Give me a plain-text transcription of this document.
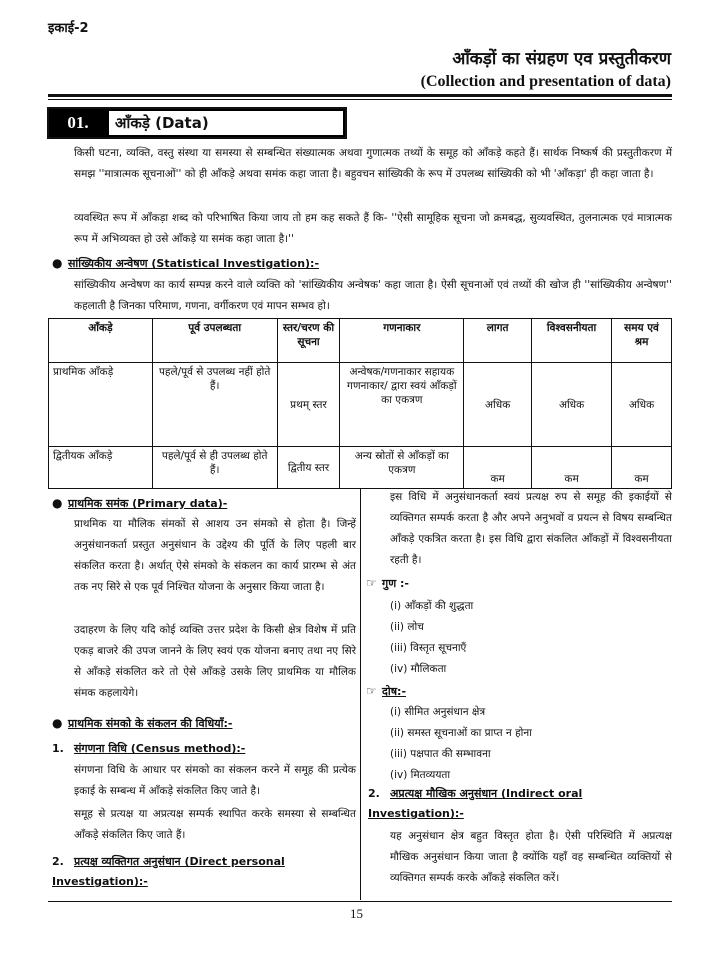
इकाई-2
आँकड़ों का संग्रहण एव प्रस्तुतीकरण
(Collection and presentation of data)
01.	आँकड़े (Data)

किसी घटना, व्यक्ति, वस्तु संस्था या समस्या से सम्बन्धित संख्यात्मक अथवा गुणात्मक तथ्यों के समूह को आँकड़े कहते हैं। सार्थक निष्कर्ष की प्रस्तुतीकरण में समझ ''मात्रात्मक सूचनाओं'' को ही आँकड़े अथवा समंक कहा जाता है। बहुवचन सांख्यिकी के रूप में उपलब्ध सांख्यिकी को भी 'आँकड़ा' ही कहा जाता है।

व्यवस्थित रूप में आँकड़ा शब्द को परिभाषित किया जाय तो हम कह सकते हैं कि- ''ऐसी सामूहिक सूचना जो क्रमबद्ध, सुव्यवस्थित, तुलनात्मक एवं मात्रात्मक रूप में अभिव्यक्त हो उसे आँकड़े या समंक कहा जाता है।''

● सांख्यिकीय अन्वेषण (Statistical Investigation):-

सांख्यिकीय अन्वेषण का कार्य सम्पन्न करने वाले व्यक्ति को 'सांख्यिकीय अन्वेषक' कहा जाता है। ऐसी सूचनाओं एवं तथ्यों की खोज ही ''सांख्यिकीय अन्वेषण'' कहलाती है जिनका परिमाण, गणना, वर्गीकरण एवं मापन सम्भव हो।

आँकड़े	पूर्व उपलब्धता	स्तर/चरण की सूचना	गणनाकार	लागत	विश्वसनीयता	समय एवं श्रम
प्राथमिक आँकड़े	पहले/पूर्व से उपलब्ध नहीं होते हैं।	प्रथम् स्तर	अन्वेषक/गणनाकार सहायक गणनाकार/ द्वारा स्वयं आँकड़ों का एकत्रण	अधिक	अधिक	अधिक
द्वितीयक आँकड़े	पहले/पूर्व से ही उपलब्ध होते हैं।	द्वितीय स्तर	अन्य स्रोतों से आँकड़ों का एकत्रण	कम	कम	कम
● प्राथमिक समंक (Primary data)-

प्राथमिक या मौलिक संमकों से आशय उन संमको से होता है। जिन्हें अनुसंधानकर्ता प्रस्तुत अनुसंधान के उद्देश्य की पूर्ति के लिए पहली बार संकलित करता है। अर्थात् ऐसे संमको के संकलन का कार्य प्रारम्भ से अंत तक नए सिरे से एक पूर्व निश्चित योजना के अनुसार किया जाता है।

उदाहरण के लिए यदि कोई व्यक्ति उत्तर प्रदेश के किसी क्षेत्र विशेष में प्रति एकड़ बाजरे की उपज जानने के लिए स्वयं एक योजना बनाए तथा नए सिरे से आँकड़े संकलित करे तो ऐसे आँकड़े उसके लिए प्राथमिक या मौलिक संमक कहलायेगे।

● प्राथमिक संमको के संकलन की विधियाँ:-
1. संगणना विधि (Census method):-

संगणना विधि के आधार पर संमको का संकलन करने में समूह की प्रत्येक इकाई के सम्बन्ध में आँकड़े संकलित किए जाते है।

समूह से प्रत्यक्ष या अप्रत्यक्ष सम्पर्क स्थापित करके समस्या से सम्बन्धित आँकड़े संकलित किए जाते हैं।

2. प्रत्यक्ष व्यक्तिगत अनुसंधान (Direct personal Investigation):-

इस विधि में अनुसंधानकर्ता स्वयं प्रत्यक्ष रुप से समूह की इकाईयों से व्यक्तिगत सम्पर्क करता है और अपने अनुभवों व प्रयत्न से विषय सम्बन्धित आँकड़े एकत्रित करता है। इस विधि द्वारा संकलित आँकड़ों में विश्वसनीयता रहती है।

☞ गुण :-
(i) आँकड़ों की शुद्धता
(ii) लोच
(iii) विस्तृत सूचनाएँ
(iv) मौलिकता
☞ दोष:-
(i) सीमित अनुसंधान क्षेत्र
(ii) समस्त सूचनाओं का प्राप्त न होना
(iii) पक्षपात की सम्भावना
(iv) मितव्ययता
2. अप्रत्यक्ष मौखिक अनुसंधान (Indirect oral Investigation):-

यह अनुसंधान क्षेत्र बहुत विस्तृत होता है। ऐसी परिस्थिति में अप्रत्यक्ष मौखिक अनुसंधान किया जाता है क्योंकि यहाँ वह सम्बन्धित व्यक्तियों से व्यक्तिगत सम्पर्क करके आँकड़े संकलित करें।

15
